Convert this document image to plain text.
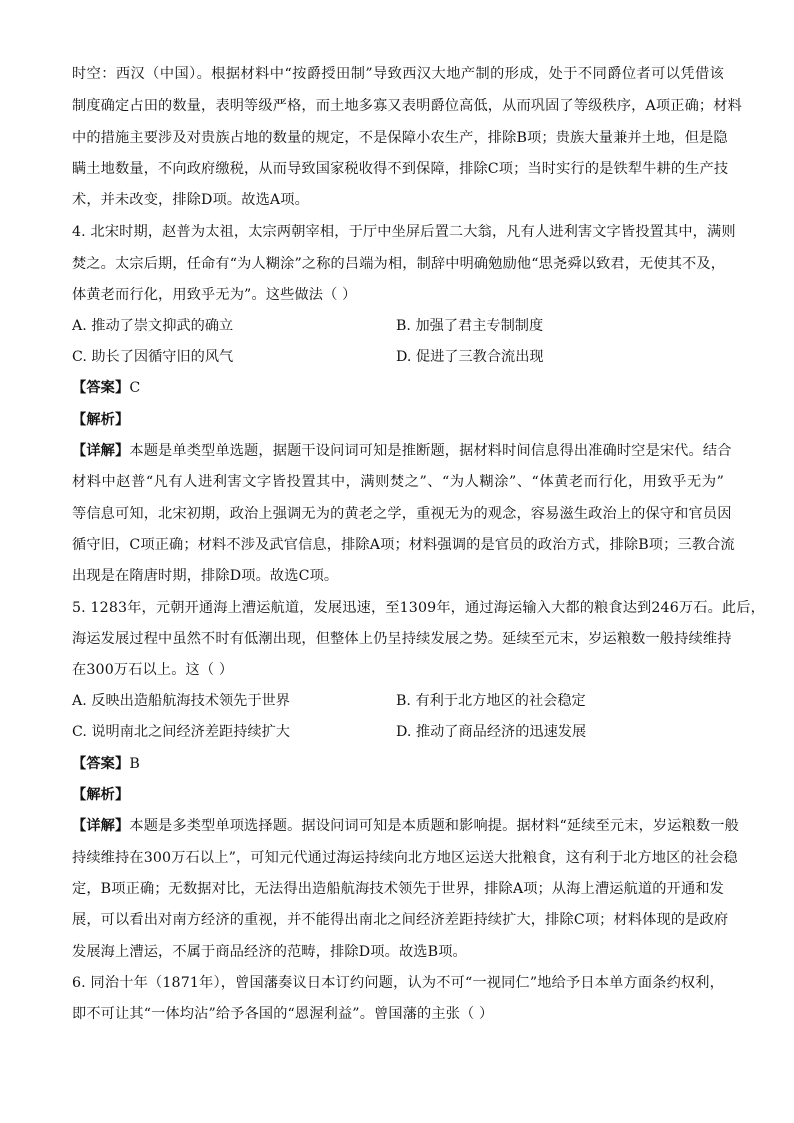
时空：西汉（中国）。根据材料中“按爵授田制”导致西汉大地产制的形成，处于不同爵位者可以凭借该
制度确定占田的数量，表明等级严格，而土地多寡又表明爵位高低，从而巩固了等级秩序，A项正确；材料
中的措施主要涉及对贵族占地的数量的规定，不是保障小农生产，排除B项；贵族大量兼并土地，但是隐
瞒土地数量，不向政府缴税，从而导致国家税收得不到保障，排除C项；当时实行的是铁犁牛耕的生产技
术，并未改变，排除D项。故选A项。
4. 北宋时期，赵普为太祖，太宗两朝宰相，于厅中坐屏后置二大翁，凡有人进利害文字皆投置其中，满则
焚之。太宗后期，任命有“为人糊涂”之称的吕端为相，制辞中明确勉励他“思尧舜以致君，无使其不及，
体黄老而行化，用致乎无为”。这些做法（ ）
A. 推动了崇文抑武的确立	B. 加强了君主专制制度
C. 助长了因循守旧的风气	D. 促进了三教合流出现
【答案】C
【解析】
【详解】本题是单类型单选题，据题干设问词可知是推断题，据材料时间信息得出准确时空是宋代。结合
材料中赵普“凡有人进利害文字皆投置其中，满则焚之”、“为人糊涂”、“体黄老而行化，用致乎无为”
等信息可知，北宋初期，政治上强调无为的黄老之学，重视无为的观念，容易滋生政治上的保守和官员因
循守旧，C项正确；材料不涉及武官信息，排除A项；材料强调的是官员的政治方式，排除B项；三教合流
出现是在隋唐时期，排除D项。故选C项。
5. 1283年，元朝开通海上漕运航道，发展迅速，至1309年，通过海运输入大都的粮食达到246万石。此后，
海运发展过程中虽然不时有低潮出现，但整体上仍呈持续发展之势。延续至元末，岁运粮数一般持续维持
在300万石以上。这（ ）
A. 反映出造船航海技术领先于世界	B. 有利于北方地区的社会稳定
C. 说明南北之间经济差距持续扩大	D. 推动了商品经济的迅速发展
【答案】B
【解析】
【详解】本题是多类型单项选择题。据设问词可知是本质题和影响提。据材料“延续至元末，岁运粮数一般
持续维持在300万石以上”，可知元代通过海运持续向北方地区运送大批粮食，这有利于北方地区的社会稳
定，B项正确；无数据对比，无法得出造船航海技术领先于世界，排除A项；从海上漕运航道的开通和发
展，可以看出对南方经济的重视，并不能得出南北之间经济差距持续扩大，排除C项；材料体现的是政府
发展海上漕运，不属于商品经济的范畴，排除D项。故选B项。
6. 同治十年（1871年），曾国藩奏议日本订约问题，认为不可“一视同仁”地给予日本单方面条约权利，
即不可让其“一体均沾”给予各国的“恩渥利益”。曾国藩的主张（ ）
